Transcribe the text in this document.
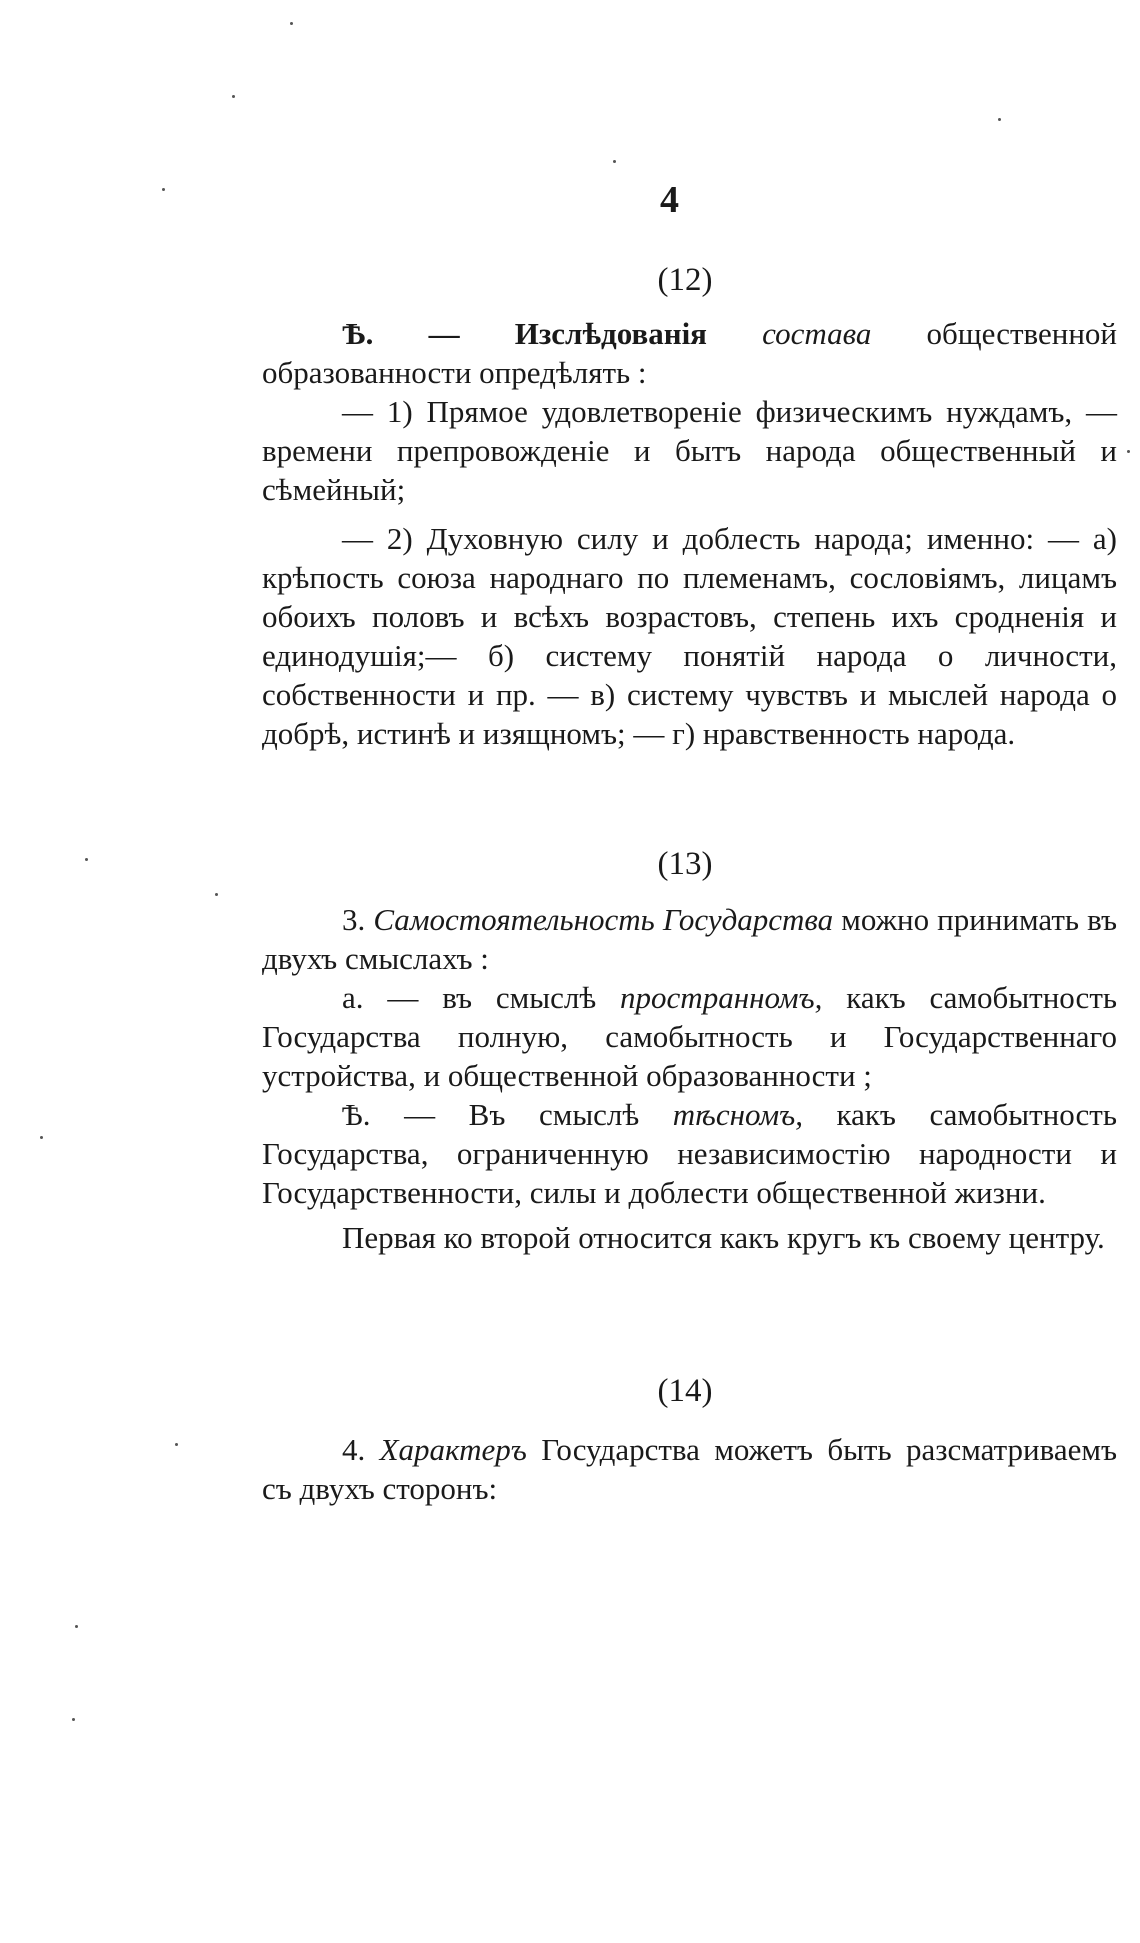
4
(12)

Ѣ. — Изслѣдованія состава общественной образованности опредѣлять :

— 1) Прямое удовлетвореніе физическимъ нуждамъ, — времени препровожденіе и бытъ народа общественный и сѣмейный;

— 2) Духовную силу и доблесть народа; именно: — а) крѣпость союза народнаго по племенамъ, сословіямъ, лицамъ обоихъ половъ и всѣхъ возрастовъ, степень ихъ сродненія и единодушія;— б) систему понятій народа о личности, собственности и пр. — в) систему чувствъ и мыслей народа о добрѣ, истинѣ и изящномъ; — г) нравственность народа.

(13)

3. Самостоятельность Государства можно принимать въ двухъ смыслахъ :

а. — въ смыслѣ пространномъ, какъ самобытность Государства полную, самобытность и Государственнаго устройства, и общественной образованности ;

Ѣ. — Въ смыслѣ тѣсномъ, какъ самобытность Государства, ограниченную независимостію народности и Государственности, силы и доблести общественной жизни.

Первая ко второй относится какъ кругъ къ своему центру.

(14)

4. Характеръ Государства можетъ быть разсматриваемъ съ двухъ сторонъ:
